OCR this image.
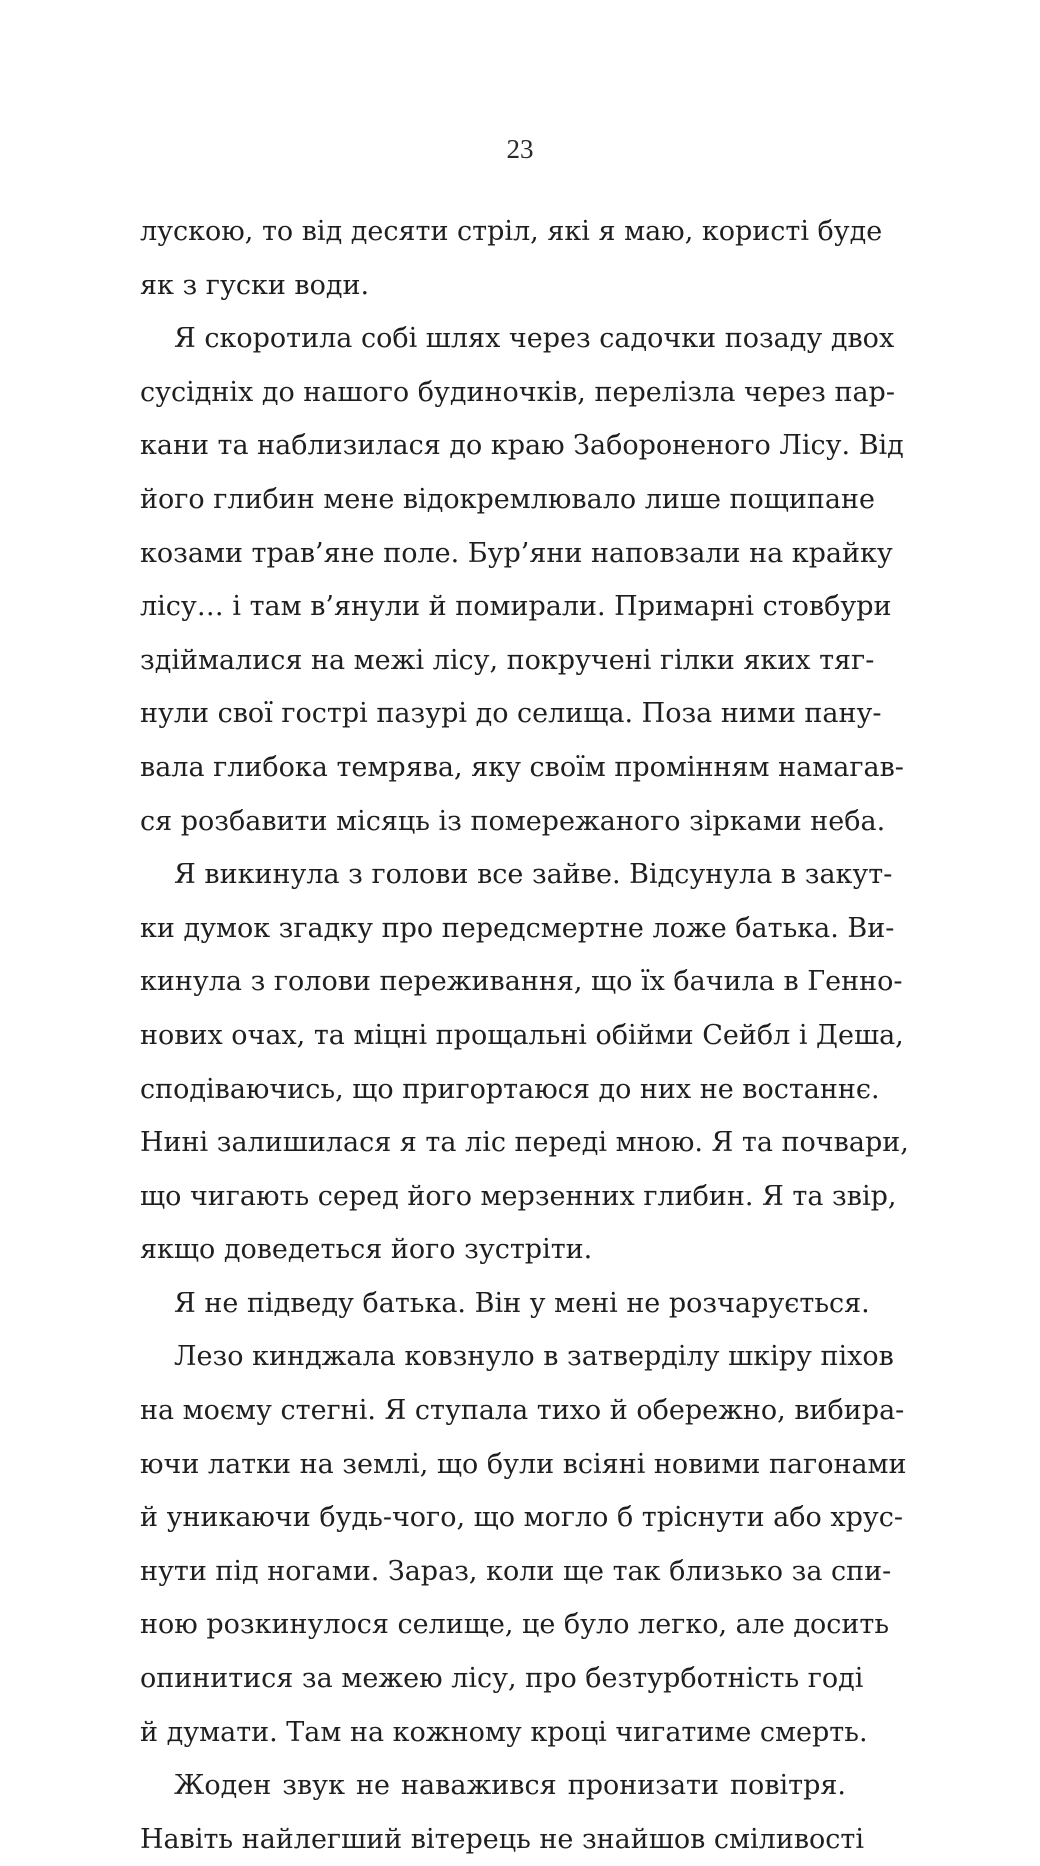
23
лускою, то від десяти стріл, які я маю, користі буде
як з гуски води.
Я скоротила собі шлях через садочки позаду двох
сусідніх до нашого будиночків, перелізла через пар-
кани та наблизилася до краю Забороненого Лісу. Від
його глибин мене відокремлювало лише пощипане
козами трав’яне поле. Бур’яни наповзали на крайку
лісу… і там в’янули й помирали. Примарні стовбури
здіймалися на межі лісу, покручені гілки яких тяг-
нули свої гострі пазурі до селища. Поза ними пану-
вала глибока темрява, яку своїм промінням намагав-
ся розбавити місяць із помережаного зірками неба.
Я викинула з голови все зайве. Відсунула в закут-
ки думок згадку про передсмертне ложе батька. Ви-
кинула з голови переживання, що їх бачила в Генно-
нових очах, та міцні прощальні обійми Сейбл і Деша,
сподіваючись, що пригортаюся до них не востаннє.
Нині залишилася я та ліс переді мною. Я та почвари,
що чигають серед його мерзенних глибин. Я та звір,
якщо доведеться його зустріти.
Я не підведу батька. Він у мені не розчарується.
Лезо кинджала ковзнуло в затверділу шкіру піхов
на моєму стегні. Я ступала тихо й обережно, вибира-
ючи латки на землі, що були всіяні новими пагонами
й уникаючи будь-чого, що могло б тріснути або хрус-
нути під ногами. Зараз, коли ще так близько за спи-
ною розкинулося селище, це було легко, але досить
опинитися за межею лісу, про безтурботність годі
й думати. Там на кожному кроці чигатиме смерть.
Жоден звук не наважився пронизати повітря.
Навіть найлегший вітерець не знайшов сміливості
